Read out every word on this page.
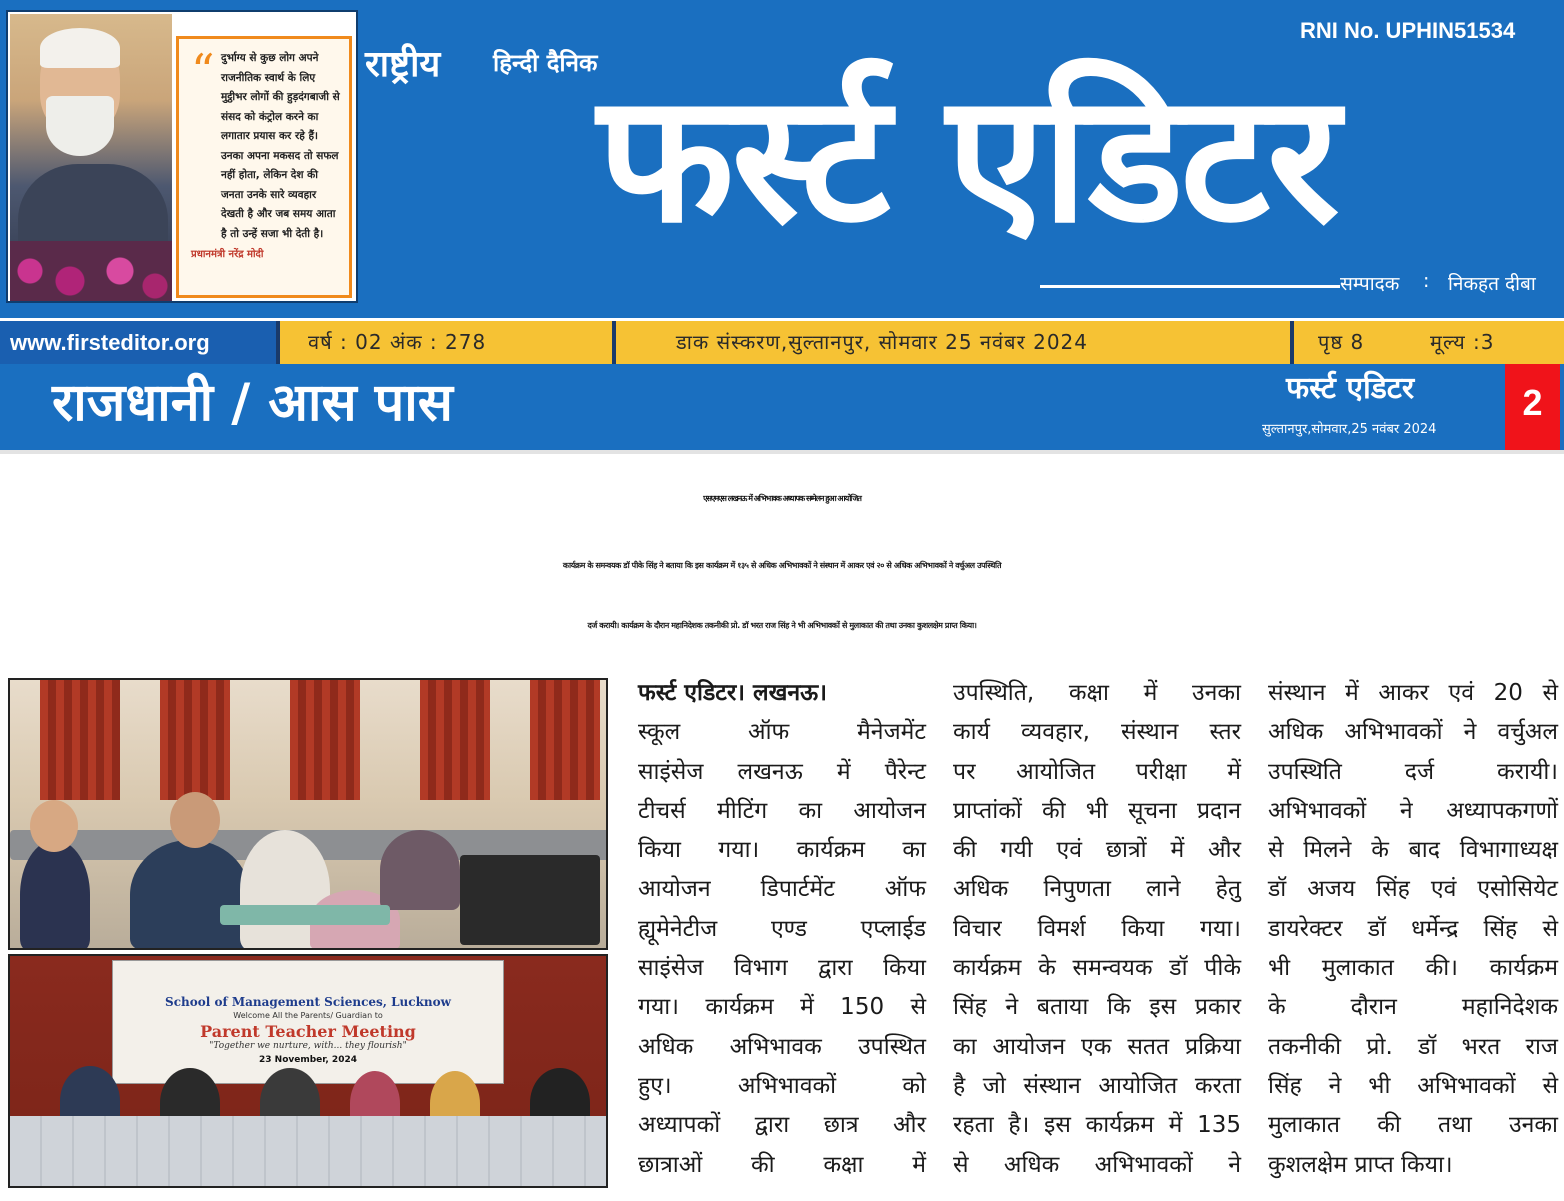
“ दुर्भाग्य से कुछ लोग अपने राजनीतिक स्वार्थ के लिए मुट्ठीभर लोगों की हुड़दंगबाजी से संसद को कंट्रोल करने का लगातार प्रयास कर रहे हैं। उनका अपना मकसद तो सफल नहीं होता, लेकिन देश की जनता उनके सारे व्यवहार देखती है और जब समय आता है तो उन्हें सजा भी देती है।
प्रधानमंत्री नरेंद्र मोदी
राष्ट्रीय हिन्दी दैनिक
RNI No. UPHIN51534
फर्स्ट एडिटर
सम्पादक : निकहत दीबा
www.firsteditor.org	वर्ष : 02 अंक : 278	डाक संस्करण,सुल्तानपुर, सोमवार 25 नवंबर 2024	पृष्ठ 8	मूल्य :3
राजधानी / आस पास	फर्स्ट एडिटर
सुल्तानपुर,सोमवार,25 नवंबर 2024
2
एसएमएस लखनऊ में अभिभावक अध्यापक सम्मेलन हुआ आयोजित
कार्यक्रम के समन्वयक डॉ पीके सिंह ने बताया कि इस कार्यक्रम में १३५ से अधिक अभिभावकों ने संस्थान में आकर एवं २० से अधिक अभिभावकों ने वर्चुअल उपस्थिति
दर्ज करायी। कार्यक्रम के दौरान महानिदेशक तकनीकी प्रो. डॉ भरत राज सिंह ने भी अभिभावकों से मुलाकात की तथा उनका कुशलक्षेम प्राप्त किया।
School of Management Sciences, Lucknow
Welcome All the Parents/ Guardian to
Parent Teacher Meeting
"Together we nurture, with... they flourish"
23 November, 2024
फर्स्ट एडिटर। लखनऊ।
स्कूल ऑफ मैनेजमेंट
साइंसेज लखनऊ में पैरेन्ट
टीचर्स मीटिंग का आयोजन
किया गया। कार्यक्रम का
आयोजन डिपार्टमेंट ऑफ
ह्यूमेनेटीज एण्ड एप्लाईड
साइंसेज विभाग द्वारा किया
गया। कार्यक्रम में 150 से
अधिक अभिभावक उपस्थित
हुए। अभिभावकों को
अध्यापकों द्वारा छात्र और
छात्राओं की कक्षा में
उपस्थिति, कक्षा में उनका
कार्य व्यवहार, संस्थान स्तर
पर आयोजित परीक्षा में
प्राप्तांकों की भी सूचना प्रदान
की गयी एवं छात्रों में और
अधिक निपुणता लाने हेतु
विचार विमर्श किया गया।
कार्यक्रम के समन्वयक डॉ पीके
सिंह ने बताया कि इस प्रकार
का आयोजन एक सतत प्रक्रिया
है जो संस्थान आयोजित करता
रहता है। इस कार्यक्रम में 135
से अधिक अभिभावकों ने
संस्थान में आकर एवं 20 से
अधिक अभिभावकों ने वर्चुअल
उपस्थिति दर्ज करायी।
अभिभावकों ने अध्यापकगणों
से मिलने के बाद विभागाध्यक्ष
डॉ अजय सिंह एवं एसोसियेट
डायरेक्टर डॉ धर्मेन्द्र सिंह से
भी मुलाकात की। कार्यक्रम
के दौरान महानिदेशक
तकनीकी प्रो. डॉ भरत राज
सिंह ने भी अभिभावकों से
मुलाकात की तथा उनका
कुशलक्षेम प्राप्त किया।
